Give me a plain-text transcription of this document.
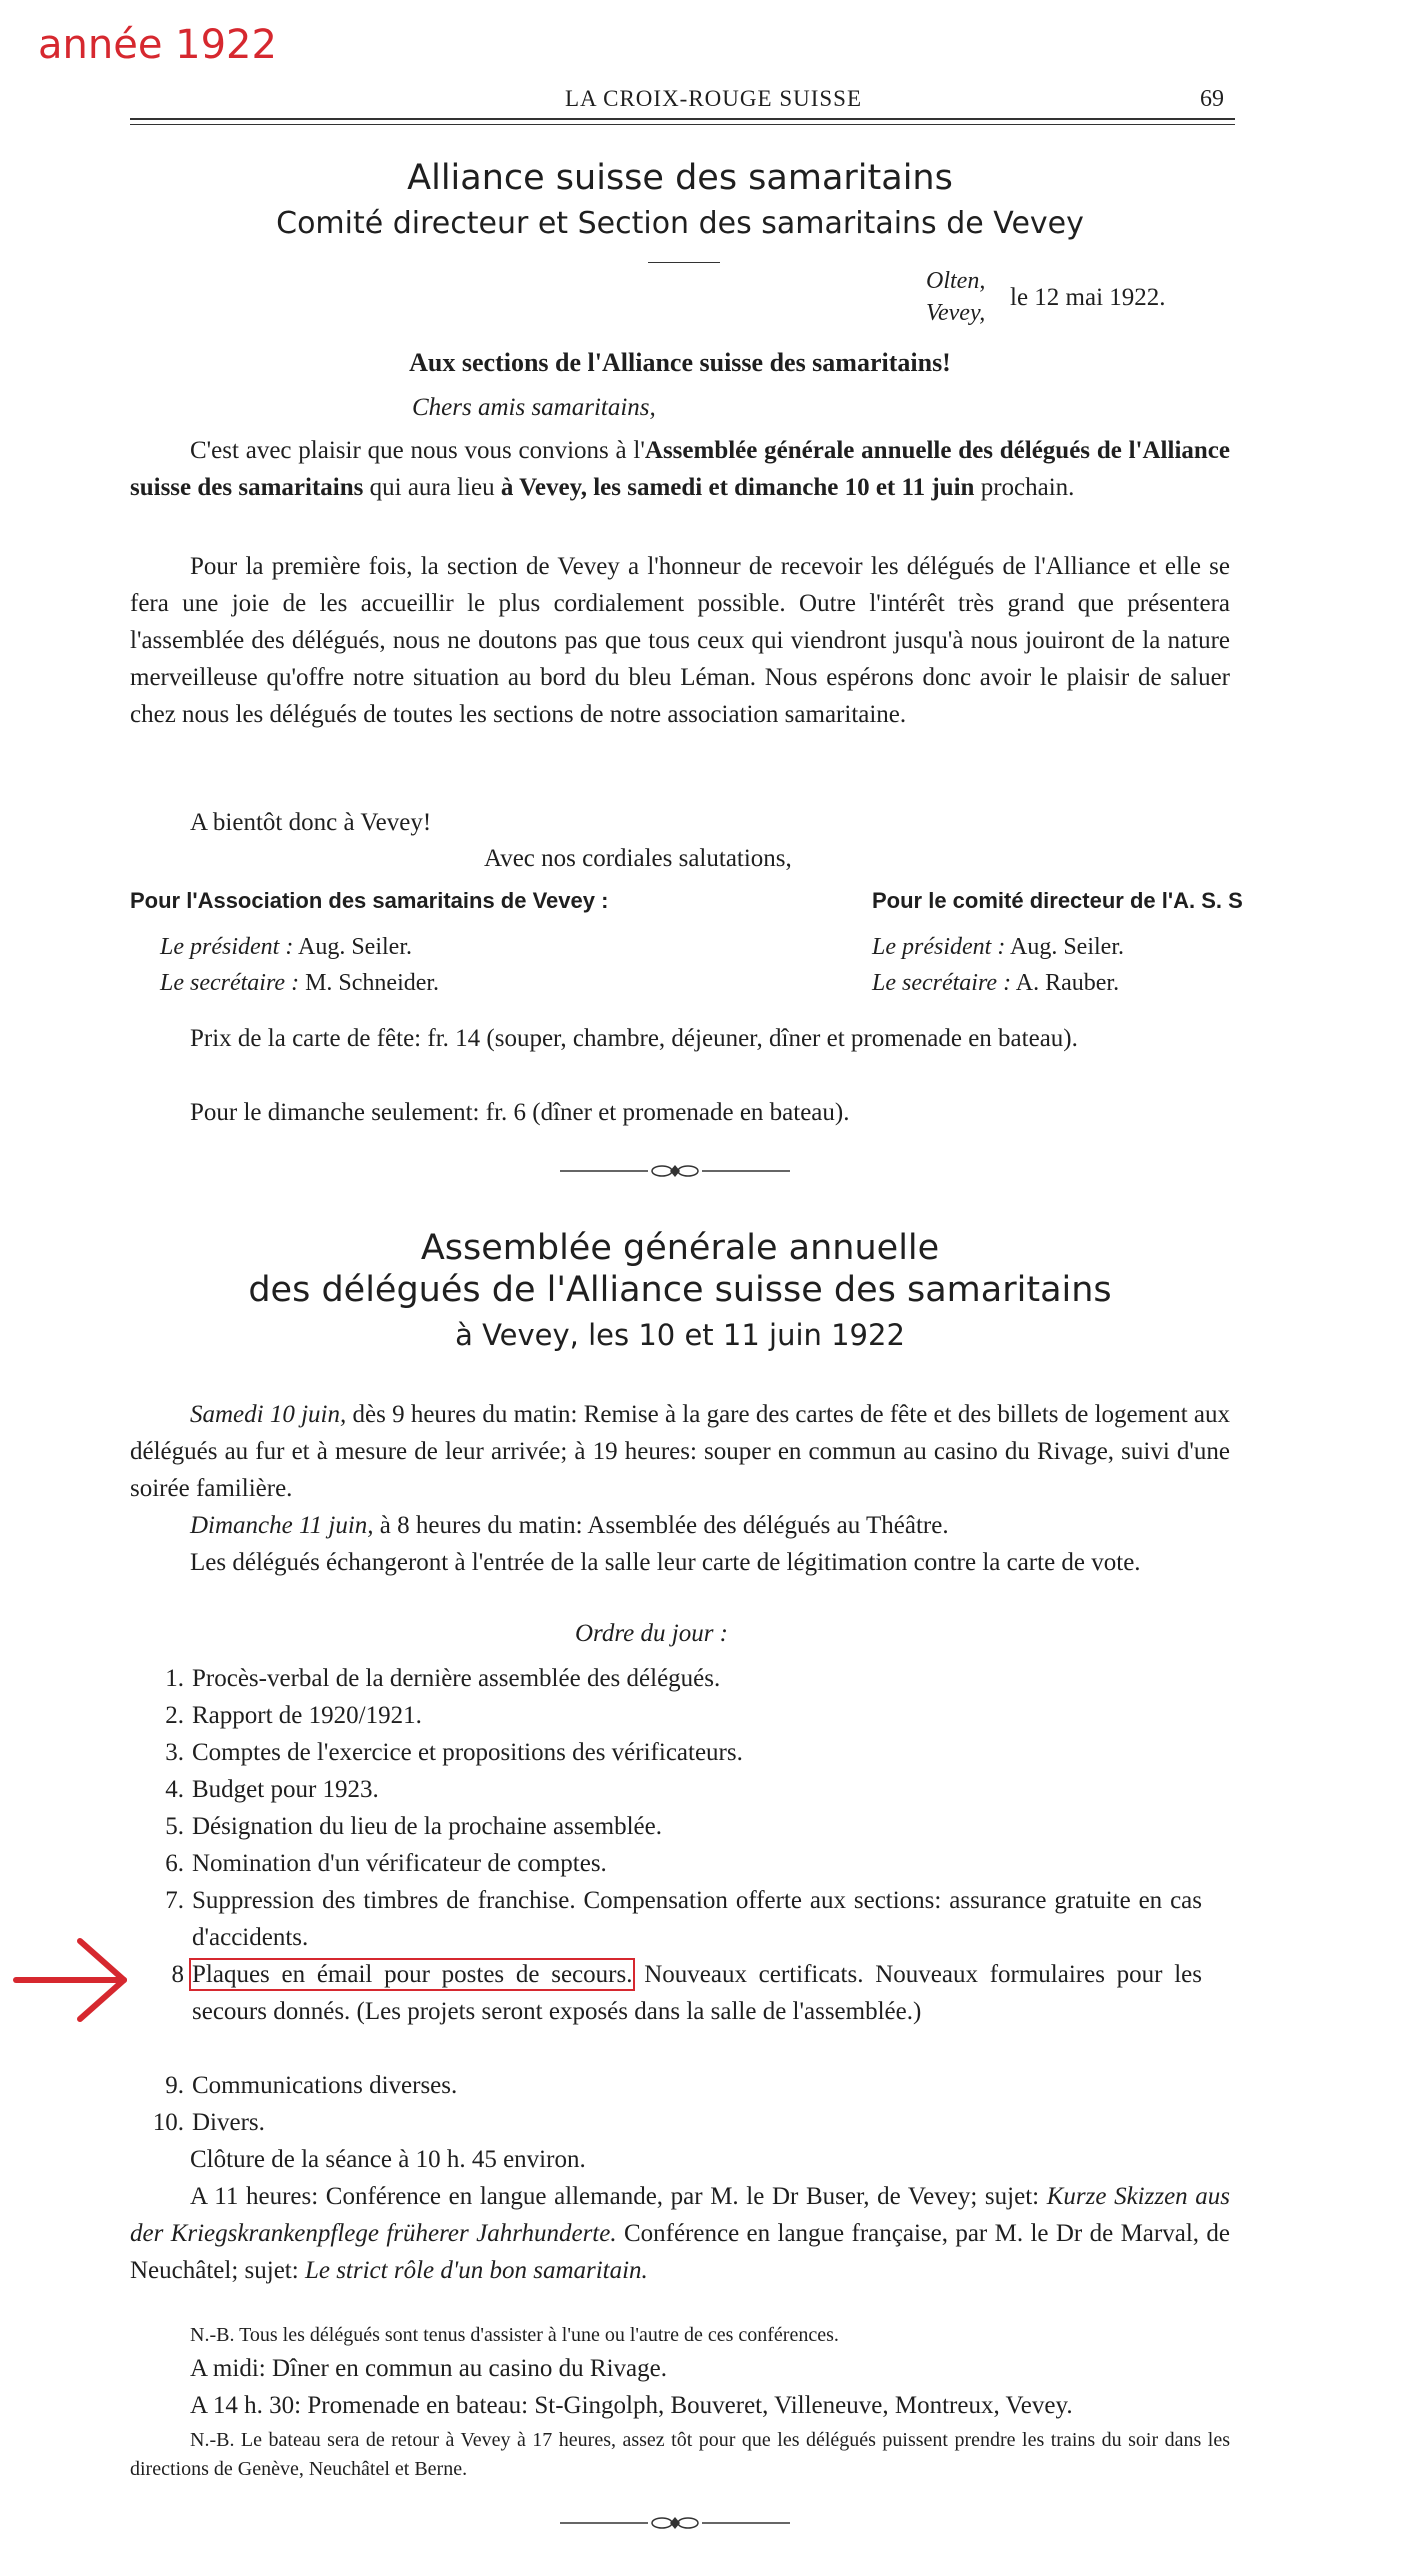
année 1922
LA CROIX-ROUGE SUISSE	69
Alliance suisse des samaritains
Comité directeur et Section des samaritains de Vevey
Olten,
Vevey,
le 12 mai 1922.
Aux sections de l'Alliance suisse des samaritains!
Chers amis samaritains,
C'est avec plaisir que nous vous convions à l'Assemblée générale annuelle des délégués de l'Alliance suisse des samaritains qui aura lieu à Vevey, les samedi et dimanche 10 et 11 juin prochain.
Pour la première fois, la section de Vevey a l'honneur de recevoir les délégués de l'Alliance et elle se fera une joie de les accueillir le plus cordialement possible. Outre l'intérêt très grand que présentera l'assemblée des délégués, nous ne doutons pas que tous ceux qui viendront jusqu'à nous jouiront de la nature merveilleuse qu'offre notre situation au bord du bleu Léman. Nous espérons donc avoir le plaisir de saluer chez nous les délégués de toutes les sections de notre association samaritaine.
A bientôt donc à Vevey!
Avec nos cordiales salutations,
Pour l'Association des samaritains de Vevey :	Pour le comité directeur de l'A. S. S
Le président : Aug. Seiler.
Le secrétaire : M. Schneider.
Le président : Aug. Seiler.
Le secrétaire : A. Rauber.
Prix de la carte de fête: fr. 14 (souper, chambre, déjeuner, dîner et promenade en bateau).
Pour le dimanche seulement: fr. 6 (dîner et promenade en bateau).
Assemblée générale annuelle
des délégués de l'Alliance suisse des samaritains
à Vevey, les 10 et 11 juin 1922
Samedi 10 juin, dès 9 heures du matin: Remise à la gare des cartes de fête et des billets de logement aux délégués au fur et à mesure de leur arrivée; à 19 heures: souper en commun au casino du Rivage, suivi d'une soirée familière.
Dimanche 11 juin, à 8 heures du matin: Assemblée des délégués au Théâtre.
Les délégués échangeront à l'entrée de la salle leur carte de légitimation contre la carte de vote.
Ordre du jour :
1. Procès-verbal de la dernière assemblée des délégués.
2. Rapport de 1920/1921.
3. Comptes de l'exercice et propositions des vérificateurs.
4. Budget pour 1923.
5. Désignation du lieu de la prochaine assemblée.
6. Nomination d'un vérificateur de comptes.
7. Suppression des timbres de franchise. Compensation offerte aux sections: assurance gratuite en cas d'accidents.
8 Plaques en émail pour postes de secours. Nouveaux certificats. Nouveaux formulaires pour les secours donnés. (Les projets seront exposés dans la salle de l'assemblée.)
9. Communications diverses.
10. Divers.
Clôture de la séance à 10 h. 45 environ.
A 11 heures: Conférence en langue allemande, par M. le Dr Buser, de Vevey; sujet: Kurze Skizzen aus der Kriegskrankenpflege früherer Jahrhunderte. Conférence en langue française, par M. le Dr de Marval, de Neuchâtel; sujet: Le strict rôle d'un bon samaritain.
N.-B. Tous les délégués sont tenus d'assister à l'une ou l'autre de ces conférences.
A midi: Dîner en commun au casino du Rivage.
A 14 h. 30: Promenade en bateau: St-Gingolph, Bouveret, Villeneuve, Montreux, Vevey.
N.-B. Le bateau sera de retour à Vevey à 17 heures, assez tôt pour que les délégués puissent prendre les trains du soir dans les directions de Genève, Neuchâtel et Berne.
